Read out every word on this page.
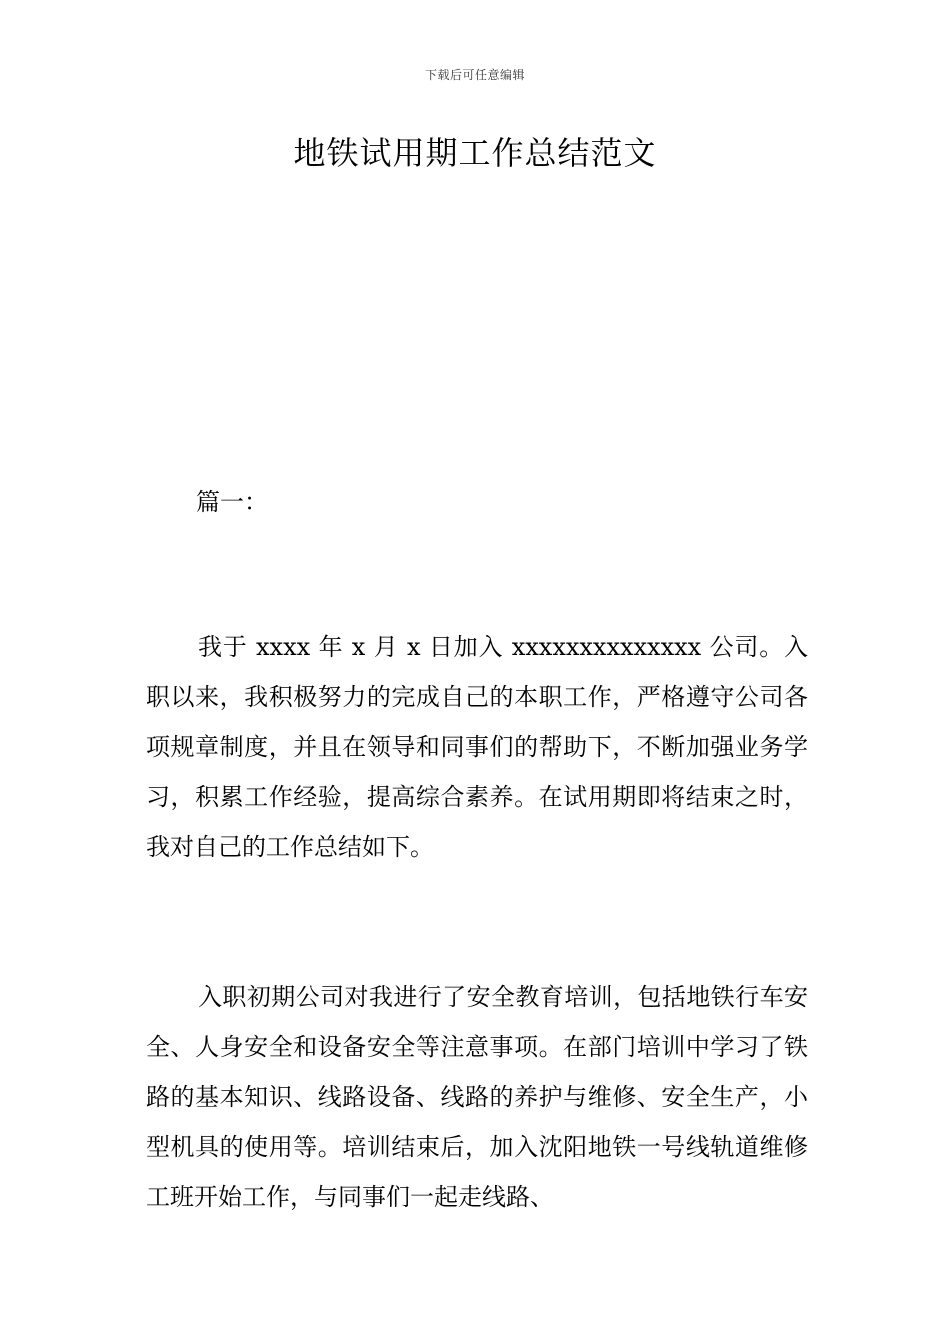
下载后可任意编辑
地铁试用期工作总结范文

篇一：

我于 xxxx 年 x 月 x 日加入 xxxxxxxxxxxxxx 公司。入职以来，我积极努力的完成自己的本职工作，严格遵守公司各项规章制度，并且在领导和同事们的帮助下，不断加强业务学习，积累工作经验，提高综合素养。在试用期即将结束之时，我对自己的工作总结如下。

入职初期公司对我进行了安全教育培训，包括地铁行车安全、人身安全和设备安全等注意事项。在部门培训中学习了铁路的基本知识、线路设备、线路的养护与维修、安全生产，小型机具的使用等。培训结束后，加入沈阳地铁一号线轨道维修工班开始工作，与同事们一起走线路、
